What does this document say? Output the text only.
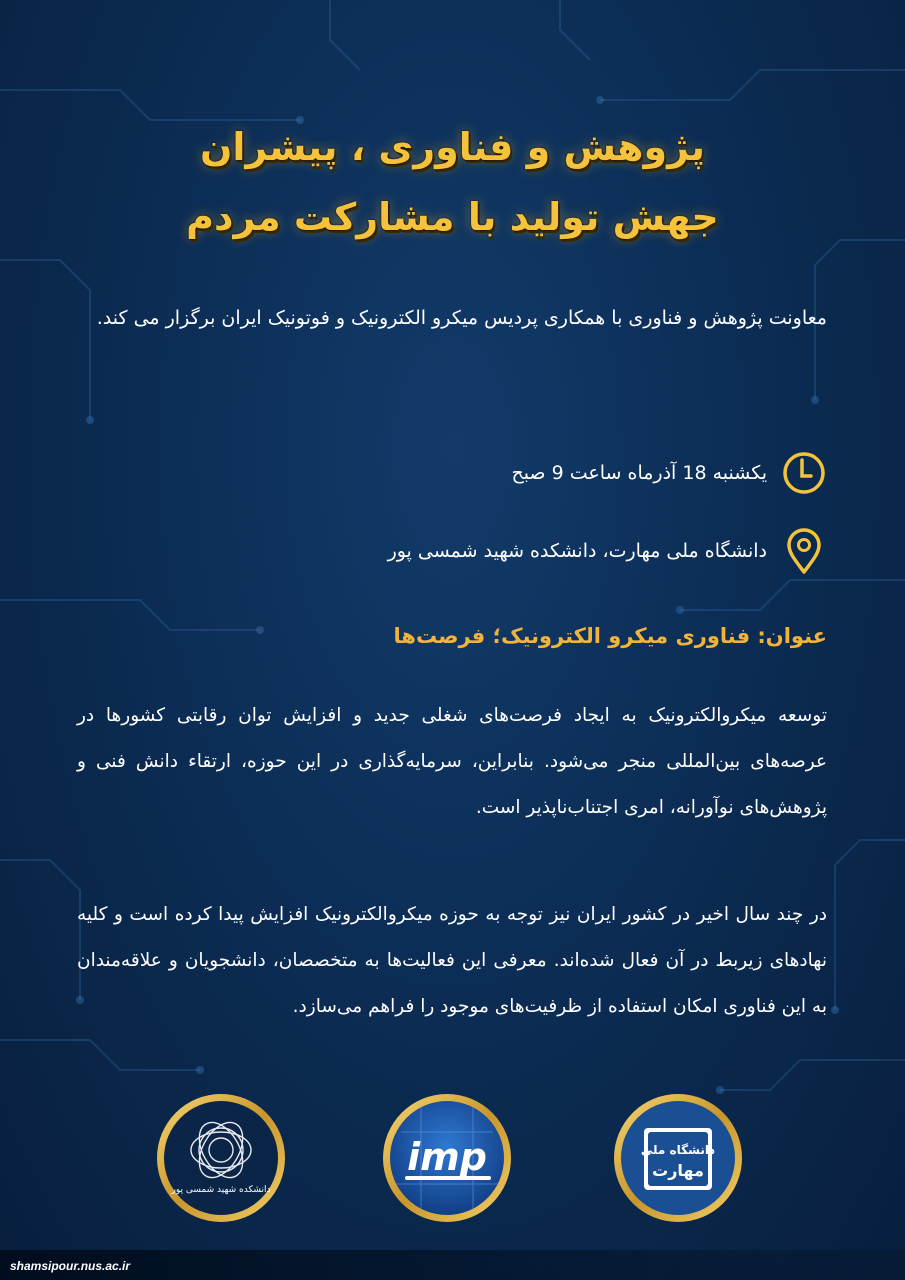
پژوهش و فناوری ، پیشران
جهش تولید با مشارکت مردم
معاونت پژوهش و فناوری با همکاری پردیس میکرو الکترونیک و فوتونیک ایران برگزار می کند.
یکشنبه 18 آذرماه ساعت 9 صبح
دانشگاه ملی مهارت، دانشکده شهید شمسی پور
عنوان: فناوری میکرو الکترونیک؛ فرصت‌ها
توسعه میکروالکترونیک به ایجاد فرصت‌های شغلی جدید و افزایش توان رقابتی کشورها در عرصه‌های بین‌المللی منجر می‌شود. بنابراین، سرمایه‌گذاری در این حوزه، ارتقاء دانش فنی و پژوهش‌های نوآورانه، امری اجتناب‌ناپذیر است.
در چند سال اخیر در کشور ایران نیز توجه به حوزه میکروالکترونیک افزایش پیدا کرده است و کلیه نهادهای زیربط در آن فعال شده‌اند. معرفی این فعالیت‌ها به متخصصان، دانشجویان و علاقه‌مندان به این فناوری امکان استفاده از ظرفیت‌های موجود را فراهم می‌سازد.
دانشکده شهید شمسی پور
imp	دانشگاه ملی
مهارت
shamsipour.nus.ac.ir
